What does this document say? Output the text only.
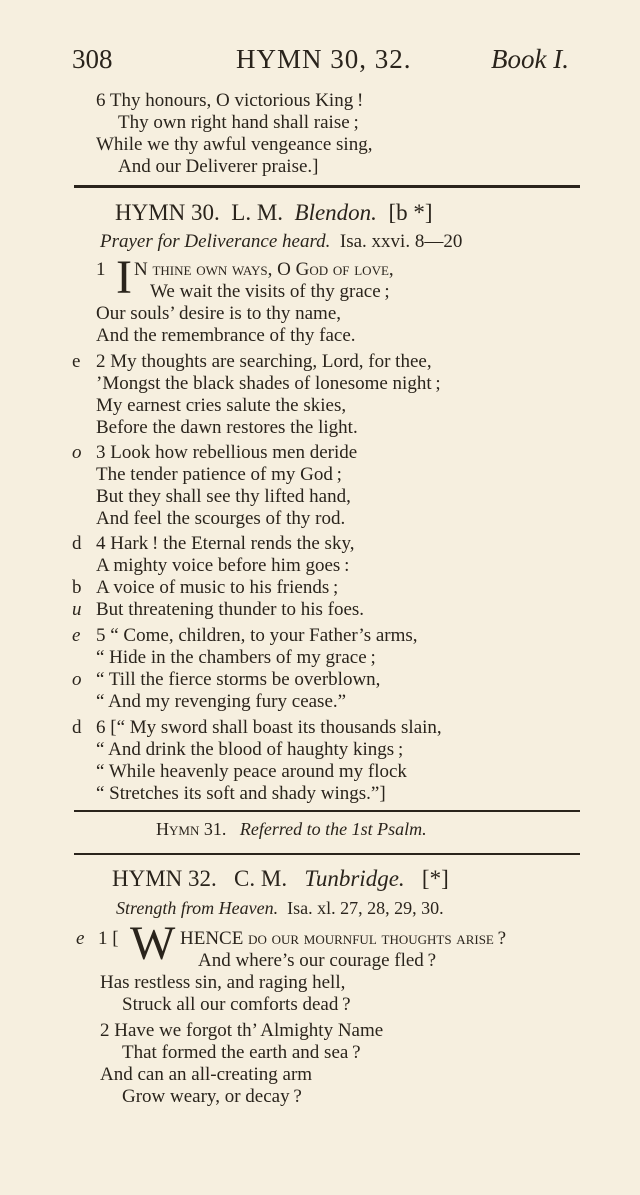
308	HYMN 30, 32.	Book I.
6 Thy honours, O victorious King !
Thy own right hand shall raise ;
While we thy awful vengeance sing,
And our Deliverer praise.]
HYMN 30. L. M. Blendon. [b *]
Prayer for Deliverance heard. Isa. xxvi. 8—20
1 I N thine own ways, O God of love,
We wait the visits of thy grace ;
Our souls’ desire is to thy name,
And the remembrance of thy face.
e 2 My thoughts are searching, Lord, for thee,
’Mongst the black shades of lonesome night ;
My earnest cries salute the skies,
Before the dawn restores the light.
o 3 Look how rebellious men deride
The tender patience of my God ;
But they shall see thy lifted hand,
And feel the scourges of thy rod.
d 4 Hark ! the Eternal rends the sky,
A mighty voice before him goes :
b A voice of music to his friends ;
u But threatening thunder to his foes.
e 5 “ Come, children, to your Father’s arms,
“ Hide in the chambers of my grace ;
o “ Till the fierce storms be overblown,
“ And my revenging fury cease.”
d 6 [“ My sword shall boast its thousands slain,
“ And drink the blood of haughty kings ;
“ While heavenly peace around my flock
“ Stretches its soft and shady wings.”]
Hymn 31. Referred to the 1st Psalm.
HYMN 32. C. M. Tunbridge. [*]
Strength from Heaven. Isa. xl. 27, 28, 29, 30.
e 1 [ W HENCE do our mournful thoughts arise ?
And where’s our courage fled ?
Has restless sin, and raging hell,
Struck all our comforts dead ?
2 Have we forgot th’ Almighty Name
That formed the earth and sea ?
And can an all-creating arm
Grow weary, or decay ?
